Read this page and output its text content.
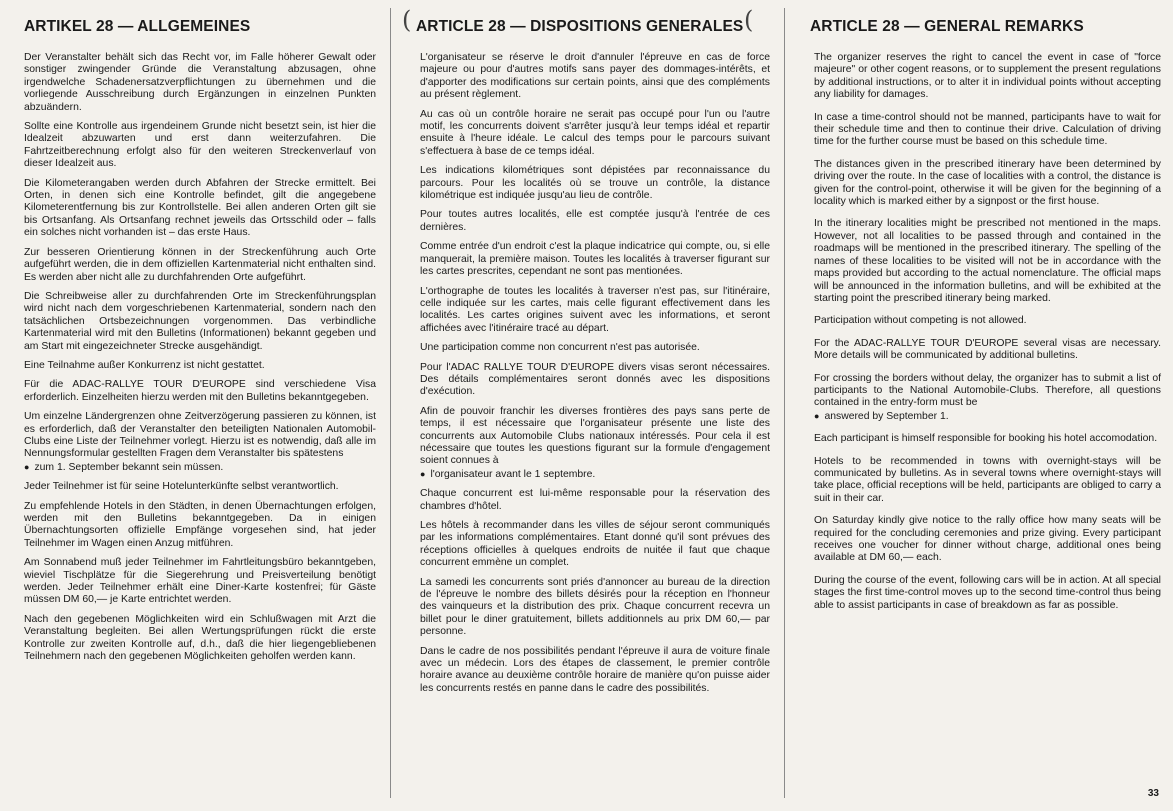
ARTIKEL 28 — ALLGEMEINES

Der Veranstalter behält sich das Recht vor, im Falle höherer Gewalt oder sonstiger zwingender Gründe die Veranstaltung abzusagen, ohne irgendwelche Schadenersatzverpflichtungen zu übernehmen und die vorliegende Ausschreibung durch Ergänzungen in einzelnen Punkten abzuändern.

Sollte eine Kontrolle aus irgendeinem Grunde nicht besetzt sein, ist hier die Idealzeit abzuwarten und erst dann weiterzufahren. Die Fahrtzeitberechnung erfolgt also für den weiteren Streckenverlauf von dieser Idealzeit aus.

Die Kilometerangaben werden durch Abfahren der Strecke ermittelt. Bei Orten, in denen sich eine Kontrolle befindet, gilt die angegebene Kilometerentfernung bis zur Kontrollstelle. Bei allen anderen Orten gilt sie bis Ortsanfang. Als Ortsanfang rechnet jeweils das Ortsschild oder – falls ein solches nicht vorhanden ist – das erste Haus.

Zur besseren Orientierung können in der Streckenführung auch Orte aufgeführt werden, die in dem offiziellen Kartenmaterial nicht enthalten sind. Es werden aber nicht alle zu durchfahrenden Orte aufgeführt.

Die Schreibweise aller zu durchfahrenden Orte im Streckenführungsplan wird nicht nach dem vorgeschriebenen Kartenmaterial, sondern nach den tatsächlichen Ortsbezeichnungen vorgenommen. Das verbindliche Kartenmaterial wird mit den Bulletins (Informationen) bekannt gegeben und am Start mit eingezeichneter Strecke ausgehändigt.

Eine Teilnahme außer Konkurrenz ist nicht gestattet.

Für die ADAC-RALLYE TOUR D'EUROPE sind verschiedene Visa erforderlich. Einzelheiten hierzu werden mit den Bulletins bekanntgegeben.

Um einzelne Ländergrenzen ohne Zeitverzögerung passieren zu können, ist es erforderlich, daß der Veranstalter den beteiligten Nationalen Automobil-Clubs eine Liste der Teilnehmer vorlegt. Hierzu ist es notwendig, daß alle im Nennungsformular gestellten Fragen dem Veranstalter bis spätestens

● zum 1. September bekannt sein müssen.

Jeder Teilnehmer ist für seine Hotelunterkünfte selbst verantwortlich.

Zu empfehlende Hotels in den Städten, in denen Übernachtungen erfolgen, werden mit den Bulletins bekanntgegeben. Da in einigen Übernachtungsorten offizielle Empfänge vorgesehen sind, hat jeder Teilnehmer im Wagen einen Anzug mitführen.

Am Sonnabend muß jeder Teilnehmer im Fahrtleitungsbüro bekanntgeben, wieviel Tischplätze für die Siegerehrung und Preisverteilung benötigt werden. Jeder Teilnehmer erhält eine Diner-Karte kostenfrei; für Gäste müssen DM 60,— je Karte entrichtet werden.

Nach den gegebenen Möglichkeiten wird ein Schlußwagen mit Arzt die Veranstaltung begleiten. Bei allen Wertungsprüfungen rückt die erste Kontrolle zur zweiten Kontrolle auf, d.h., daß die hier liegengebliebenen Teilnehmern nach den gegebenen Möglichkeiten geholfen werden kann.

ARTICLE 28 — DISPOSITIONS GENERALES

L'organisateur se réserve le droit d'annuler l'épreuve en cas de force majeure ou pour d'autres motifs sans payer des dommages-intérêts, et d'apporter des modifications sur certain points, ainsi que des compléments au présent règlement.

Au cas où un contrôle horaire ne serait pas occupé pour l'un ou l'autre motif, les concurrents doivent s'arrêter jusqu'à leur temps idéal et repartir ensuite à l'heure idéale. Le calcul des temps pour le parcours suivant s'effectuera à base de ce temps idéal.

Les indications kilométriques sont dépistées par reconnaissance du parcours. Pour les localités où se trouve un contrôle, la distance kilométrique est indiquée jusqu'au lieu de contrôle.

Pour toutes autres localités, elle est comptée jusqu'à l'entrée de ces dernières.

Comme entrée d'un endroit c'est la plaque indicatrice qui compte, ou, si elle manquerait, la première maison. Toutes les localités à traverser figurant sur les cartes prescrites, cependant ne sont pas mentionées.

L'orthographe de toutes les localités à traverser n'est pas, sur l'itinéraire, celle indiquée sur les cartes, mais celle figurant effectivement dans les localités. Les cartes origines suivent avec les informations, et seront affichées avec l'itinéraire tracé au départ.

Une participation comme non concurrent n'est pas autorisée.

Pour l'ADAC RALLYE TOUR D'EUROPE divers visas seront nécessaires. Des détails complémentaires seront donnés avec les dispositions d'exécution.

Afin de pouvoir franchir les diverses frontières des pays sans perte de temps, il est nécessaire que l'organisateur présente une liste des concurrents aux Automobile Clubs nationaux intéressés. Pour cela il est nécessaire que toutes les questions figurant sur la formule d'engagement soient connues à

● l'organisateur avant le 1 septembre.

Chaque concurrent est lui-même responsable pour la réservation des chambres d'hôtel.

Les hôtels à recommander dans les villes de séjour seront communiqués par les informations complémentaires. Etant donné qu'il sont prévues des réceptions officielles à quelques endroits de nuitée il faut que chaque concurrent emmène un complet.

La samedi les concurrents sont priés d'annoncer au bureau de la direction de l'épreuve le nombre des billets désirés pour la réception en l'honneur des vainqueurs et la distribution des prix. Chaque concurrent recevra un billet pour le diner gratuitement, billets additionnels au prix DM 60,— par personne.

Dans le cadre de nos possibilités pendant l'épreuve il aura de voiture finale avec un médecin. Lors des étapes de classement, le premier contrôle horaire avance au deuxième contrôle horaire de manière qu'on puisse aider les concurrents restés en panne dans le cadre des possibilités.

ARTICLE 28 — GENERAL REMARKS

The organizer reserves the right to cancel the event in case of "force majeure" or other cogent reasons, or to supplement the present regulations by additional instructions, or to alter it in individual points without accepting any liability for damages.

In case a time-control should not be manned, participants have to wait for their schedule time and then to continue their drive. Calculation of driving time for the further course must be based on this schedule time.

The distances given in the prescribed itinerary have been determined by driving over the route. In the case of localities with a control, the distance is given for the control-point, otherwise it will be given for the beginning of a locality which is marked either by a signpost or the first house.

In the itinerary localities might be prescribed not mentioned in the maps. However, not all localities to be passed through and contained in the roadmaps will be mentioned in the prescribed itinerary. The spelling of the names of these localities to be visited will not be in accordance with the maps provided but according to the actual nomenclature. The official maps will be announced in the information bulletins, and will be exhibited at the starting point the prescribed itinerary being marked.

Participation without competing is not allowed.

For the ADAC-RALLYE TOUR D'EUROPE several visas are necessary. More details will be communicated by additional bulletins.

For crossing the borders without delay, the organizer has to submit a list of participants to the National Automobile-Clubs. Therefore, all questions contained in the entry-form must be

● answered by September 1.

Each participant is himself responsible for booking his hotel accomodation.

Hotels to be recommended in towns with overnight-stays will be communicated by bulletins. As in several towns where overnight-stays will take place, official receptions will be held, participants are obliged to carry a suit in their car.

On Saturday kindly give notice to the rally office how many seats will be required for the concluding ceremonies and prize giving. Every participant receives one voucher for dinner without charge, additional ones being available at DM 60,— each.

During the course of the event, following cars will be in action. At all special stages the first time-control moves up to the second time-control thus being able to assist participants in case of breakdown as far as possible.

(	(
33
